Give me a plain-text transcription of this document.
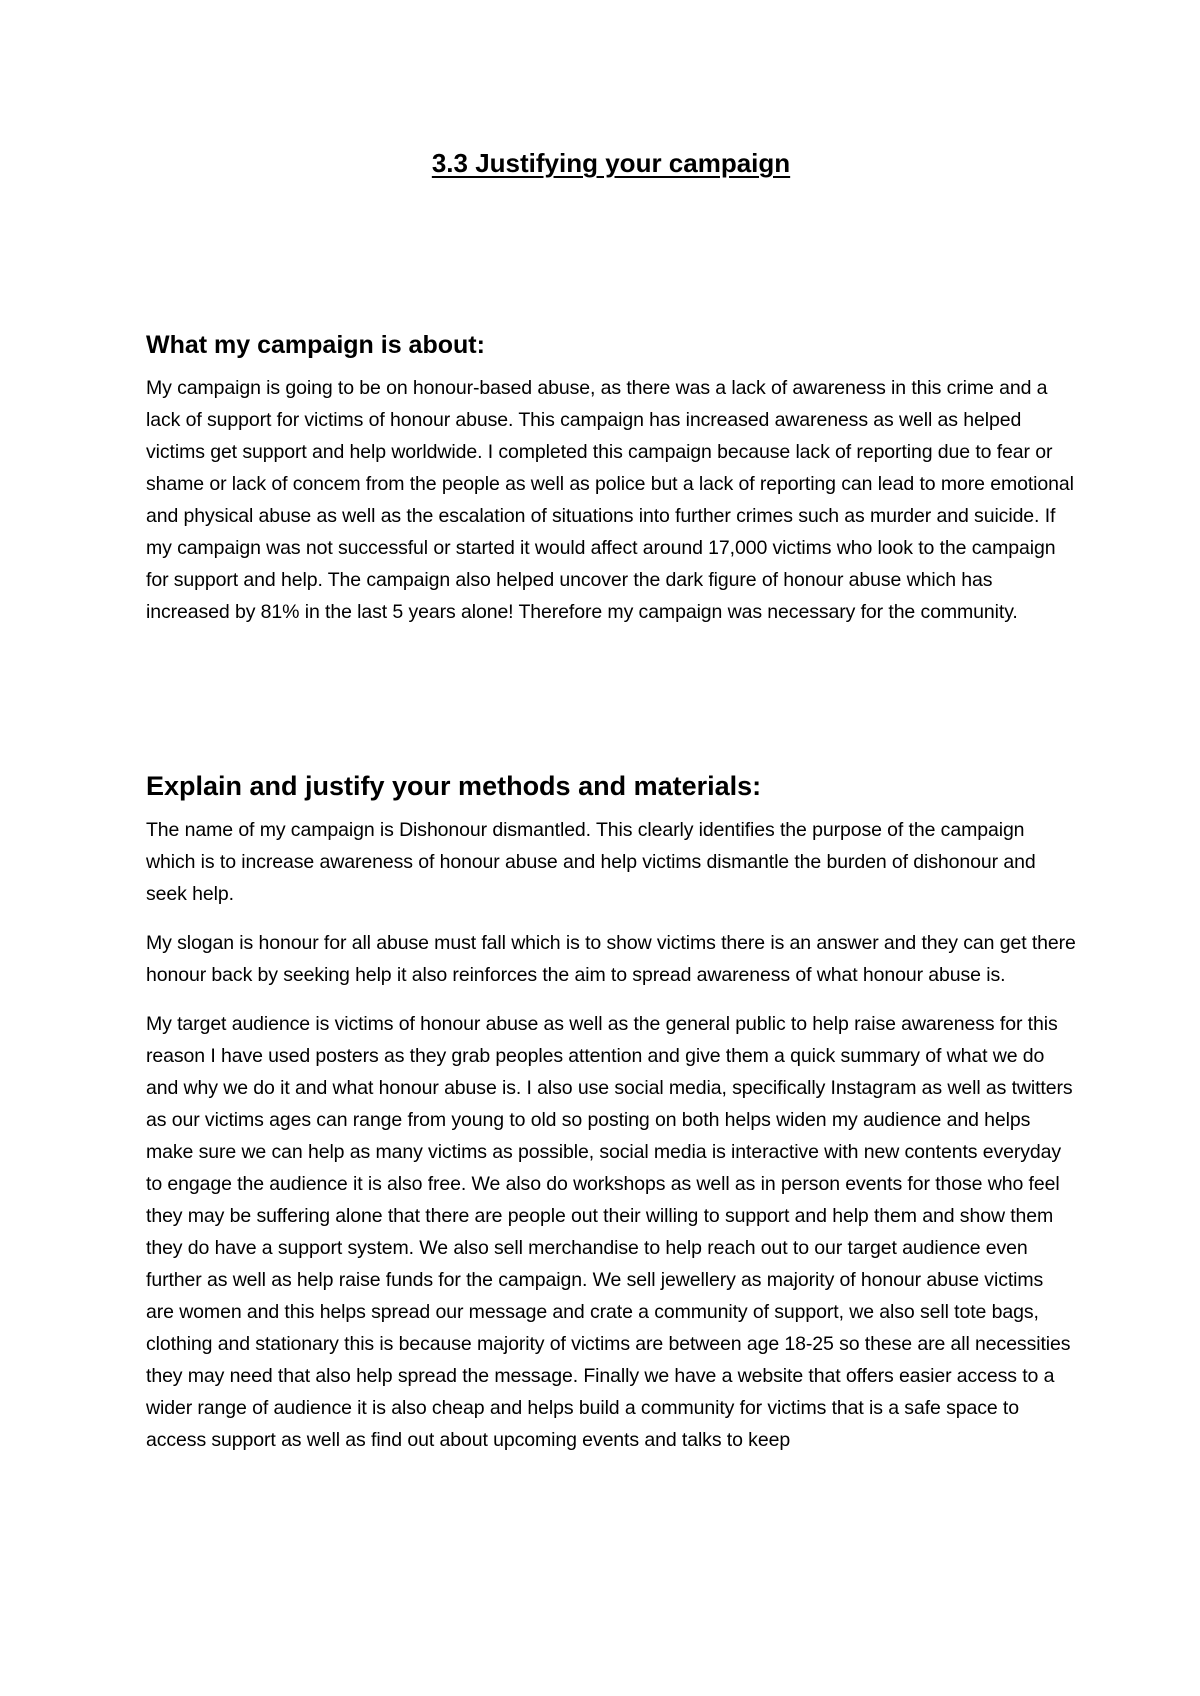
3.3 Justifying your campaign
What my campaign is about:

My campaign is going to be on honour-based abuse, as there was a lack of awareness in this crime and a lack of support for victims of honour abuse. This campaign has increased awareness as well as helped victims get support and help worldwide. I completed this campaign because lack of reporting due to fear or shame or lack of concem from the people as well as police but a lack of reporting can lead to more emotional and physical abuse as well as the escalation of situations into further crimes such as murder and suicide. If my campaign was not successful or started it would affect around 17,000 victims who look to the campaign for support and help. The campaign also helped uncover the dark figure of honour abuse which has increased by 81% in the last 5 years alone! Therefore my campaign was necessary for the community.

Explain and justify your methods and materials:

The name of my campaign is Dishonour dismantled. This clearly identifies the purpose of the campaign which is to increase awareness of honour abuse and help victims dismantle the burden of dishonour and seek help.

My slogan is honour for all abuse must fall which is to show victims there is an answer and they can get there honour back by seeking help it also reinforces the aim to spread awareness of what honour abuse is.

My target audience is victims of honour abuse as well as the general public to help raise awareness for this reason I have used posters as they grab peoples attention and give them a quick summary of what we do and why we do it and what honour abuse is. I also use social media, specifically Instagram as well as twitters as our victims ages can range from young to old so posting on both helps widen my audience and helps make sure we can help as many victims as possible, social media is interactive with new contents everyday to engage the audience it is also free. We also do workshops as well as in person events for those who feel they may be suffering alone that there are people out their willing to support and help them and show them they do have a support system. We also sell merchandise to help reach out to our target audience even further as well as help raise funds for the campaign. We sell jewellery as majority of honour abuse victims are women and this helps spread our message and crate a community of support, we also sell tote bags, clothing and stationary this is because majority of victims are between age 18-25 so these are all necessities they may need that also help spread the message. Finally we have a website that offers easier access to a wider range of audience it is also cheap and helps build a community for victims that is a safe space to access support as well as find out about upcoming events and talks to keep
